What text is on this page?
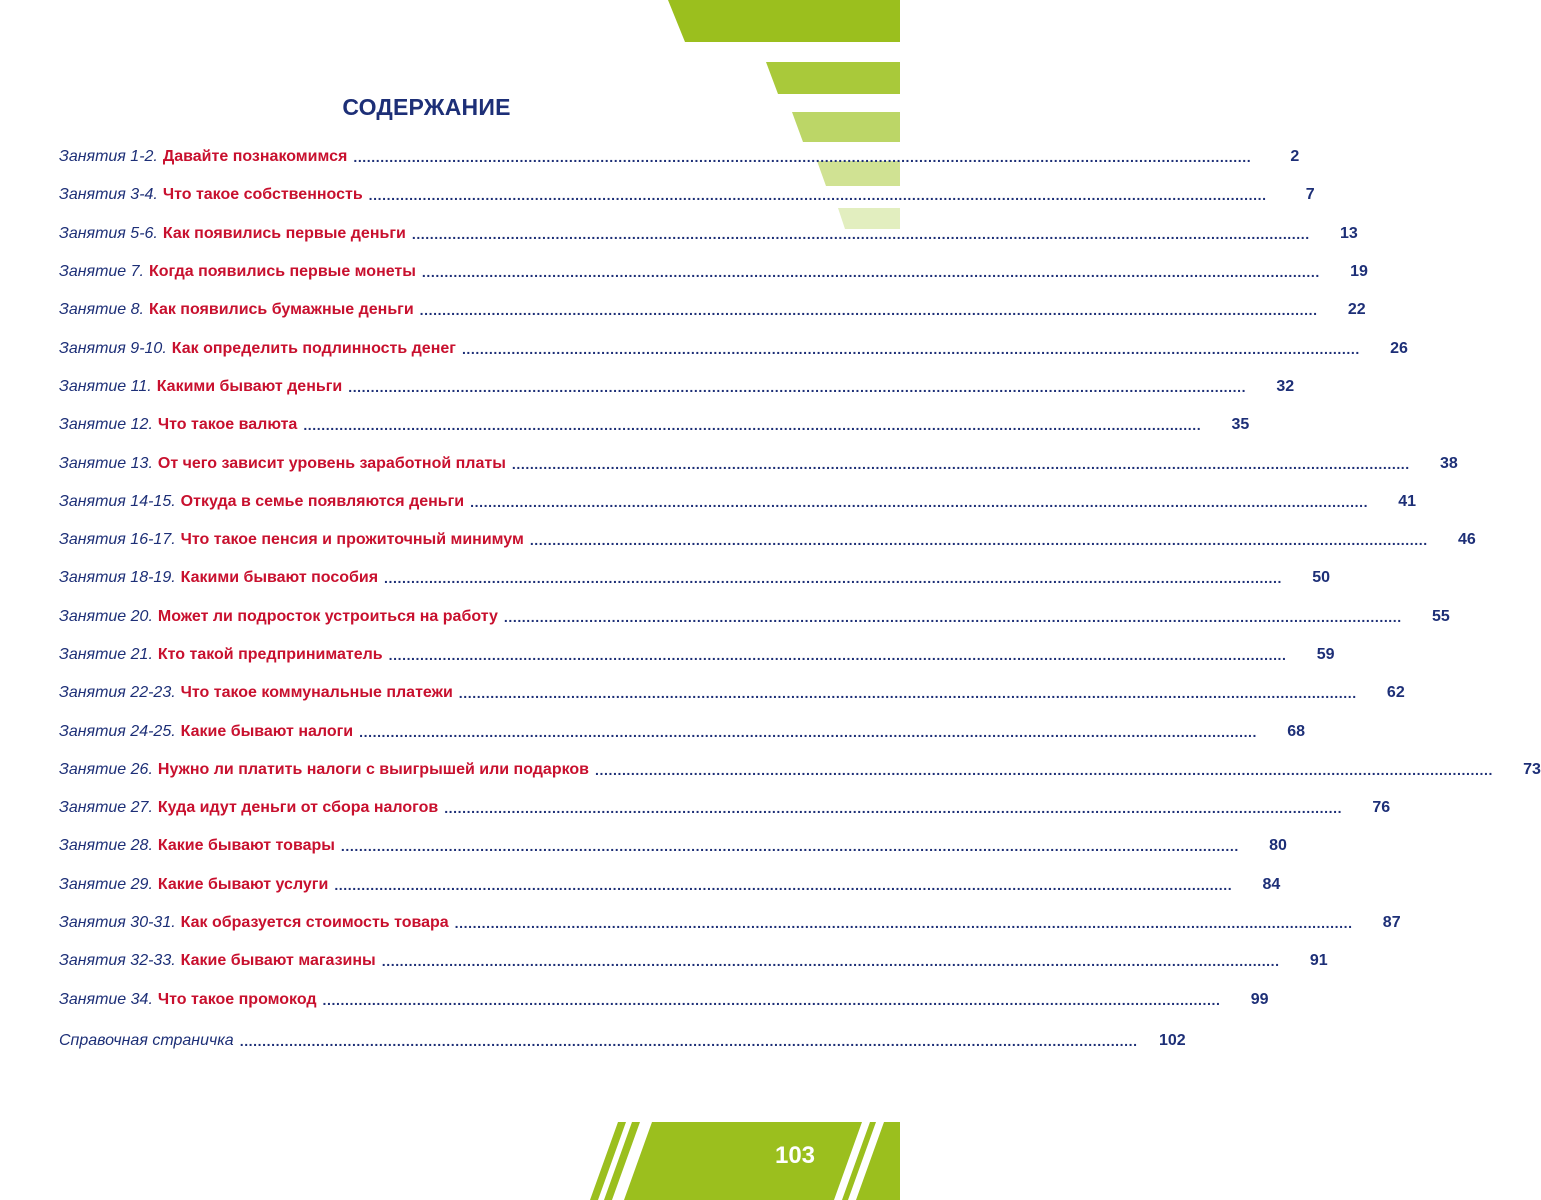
СОДЕРЖАНИЕ
Занятия 1-2. Давайте познакомимся ........................................................................................................................................................................................................	2
Занятия 3-4. Что такое собственность ........................................................................................................................................................................................................	7
Занятия 5-6. Как появились первые деньги ........................................................................................................................................................................................................	13
Занятие 7. Когда появились первые монеты ........................................................................................................................................................................................................	19
Занятие 8. Как появились бумажные деньги ........................................................................................................................................................................................................	22
Занятия 9-10. Как определить подлинность денег ........................................................................................................................................................................................................	26
Занятие 11. Какими бывают деньги ........................................................................................................................................................................................................	32
Занятие 12. Что такое валюта ........................................................................................................................................................................................................	35
Занятие 13. От чего зависит уровень заработной платы ........................................................................................................................................................................................................	38
Занятия 14-15. Откуда в семье появляются деньги ........................................................................................................................................................................................................	41
Занятия 16-17. Что такое пенсия и прожиточный минимум ........................................................................................................................................................................................................	46
Занятия 18-19. Какими бывают пособия ........................................................................................................................................................................................................	50
Занятие 20. Может ли подросток устроиться на работу ........................................................................................................................................................................................................	55
Занятие 21. Кто такой предприниматель ........................................................................................................................................................................................................	59
Занятия 22-23. Что такое коммунальные платежи ........................................................................................................................................................................................................	62
Занятия 24-25. Какие бывают налоги ........................................................................................................................................................................................................	68
Занятие 26. Нужно ли платить налоги с выигрышей или подарков ........................................................................................................................................................................................................	73
Занятие 27. Куда идут деньги от сбора налогов ........................................................................................................................................................................................................	76
Занятие 28. Какие бывают товары ........................................................................................................................................................................................................	80
Занятие 29. Какие бывают услуги ........................................................................................................................................................................................................	84
Занятия 30-31. Как образуется стоимость товара ........................................................................................................................................................................................................	87
Занятия 32-33. Какие бывают магазины ........................................................................................................................................................................................................	91
Занятие 34. Что такое промокод ........................................................................................................................................................................................................	99
Справочная страничка ........................................................................................................................................................................................................	102
103
